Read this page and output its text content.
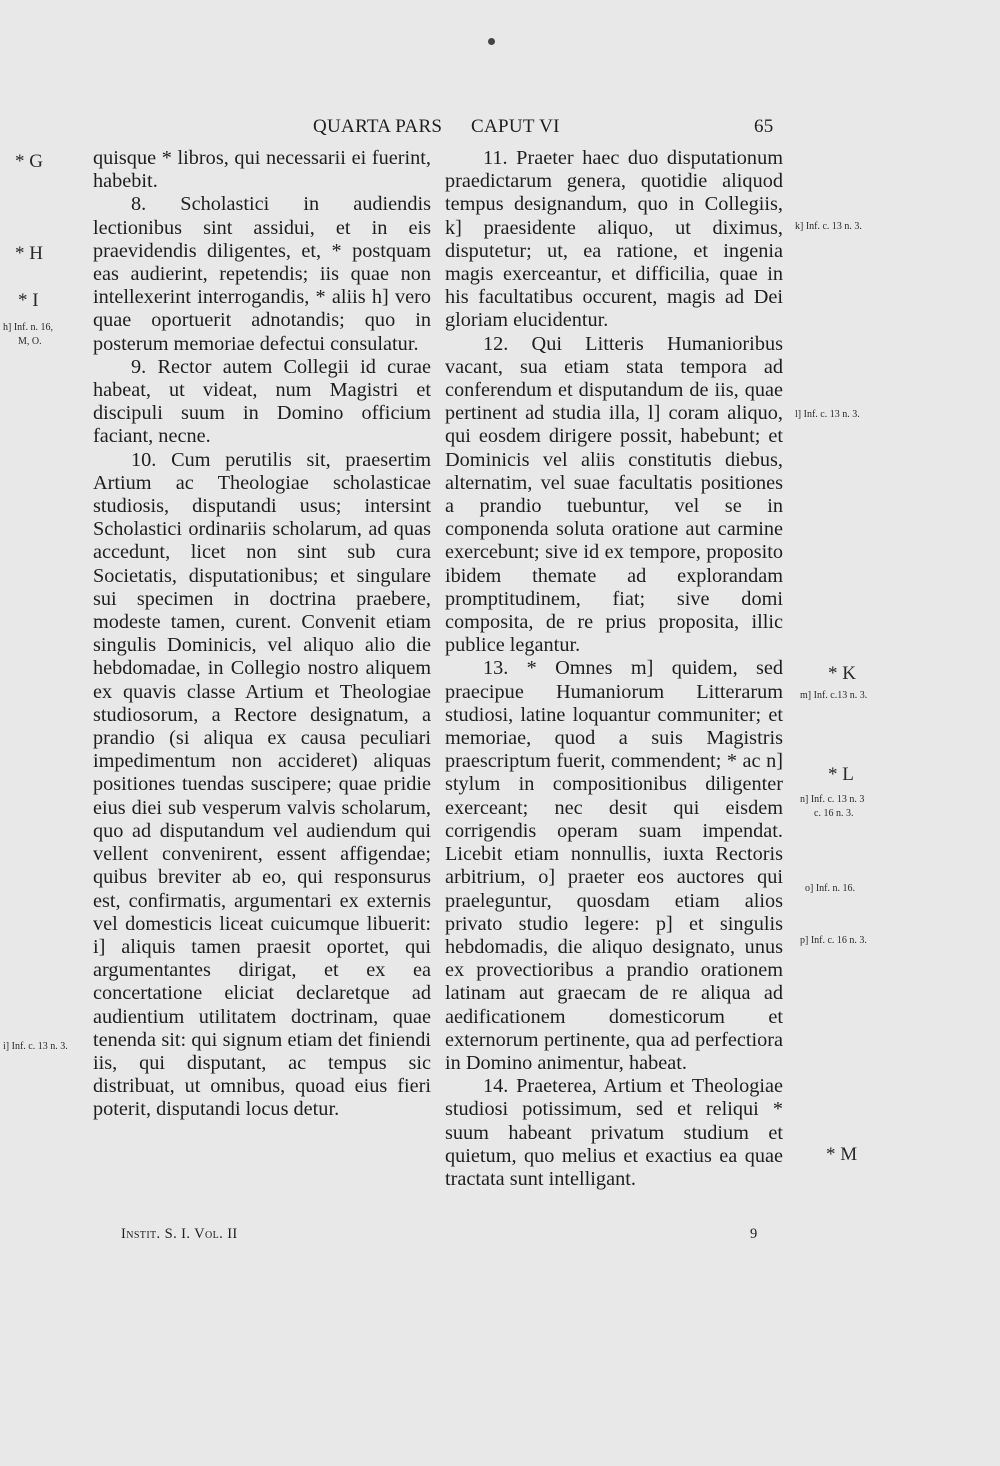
QUARTA PARS CAPUT VI	65
* G
* H
* I
h] Inf. n. 16,
M, O.
i] Inf. c. 13 n. 3.

quisque * libros, qui necessarii ei fuerint, habebit.

8. Scholastici in audiendis lectionibus sint assidui, et in eis praevidendis diligentes, et, * postquam eas audierint, repetendis; iis quae non intellexerint interrogandis, * aliis h] vero quae oportuerit adnotandis; quo in posterum memoriae defectui consulatur.

9. Rector autem Collegii id curae habeat, ut videat, num Magistri et discipuli suum in Domino officium faciant, necne.

10. Cum perutilis sit, praesertim Artium ac Theologiae scholasticae studiosis, disputandi usus; intersint Scholastici ordinariis scholarum, ad quas accedunt, licet non sint sub cura Societatis, disputationibus; et singulare sui specimen in doctrina praebere, modeste tamen, curent. Convenit etiam singulis Dominicis, vel aliquo alio die hebdomadae, in Collegio nostro aliquem ex quavis classe Artium et Theologiae studiosorum, a Rectore designatum, a prandio (si aliqua ex causa peculiari impedimentum non accideret) aliquas positiones tuendas suscipere; quae pridie eius diei sub vesperum valvis scholarum, quo ad disputandum vel audiendum qui vellent convenirent, essent affigendae; quibus breviter ab eo, qui responsurus est, confirmatis, argumentari ex externis vel domesticis liceat cuicumque libuerit: i] aliquis tamen praesit oportet, qui argumentantes dirigat, et ex ea concertatione eliciat declaretque ad audientium utilitatem doctrinam, quae tenenda sit: qui signum etiam det finiendi iis, qui disputant, ac tempus sic distribuat, ut omnibus, quoad eius fieri poterit, disputandi locus detur.

11. Praeter haec duo disputationum praedictarum genera, quotidie aliquod tempus designandum, quo in Collegiis, k] praesidente aliquo, ut diximus, disputetur; ut, ea ratione, et ingenia magis exerceantur, et difficilia, quae in his facultatibus occurent, magis ad Dei gloriam elucidentur.

12. Qui Litteris Humanioribus vacant, sua etiam stata tempora ad conferendum et disputandum de iis, quae pertinent ad studia illa, l] coram aliquo, qui eosdem dirigere possit, habebunt; et Dominicis vel aliis constitutis diebus, alternatim, vel suae facultatis positiones a prandio tuebuntur, vel se in componenda soluta oratione aut carmine exercebunt; sive id ex tempore, proposito ibidem themate ad explorandam promptitudinem, fiat; sive domi composita, de re prius proposita, illic publice legantur.

13. * Omnes m] quidem, sed praecipue Humaniorum Litterarum studiosi, latine loquantur communiter; et memoriae, quod a suis Magistris praescriptum fuerit, commendent; * ac n] stylum in compositionibus diligenter exerceant; nec desit qui eisdem corrigendis operam suam impendat. Licebit etiam nonnullis, iuxta Rectoris arbitrium, o] praeter eos auctores qui praeleguntur, quosdam etiam alios privato studio legere: p] et singulis hebdomadis, die aliquo designato, unus ex provectioribus a prandio orationem latinam aut graecam de re aliqua ad aedificationem domesticorum et externorum pertinente, qua ad perfectiora in Domino animentur, habeat.

14. Praeterea, Artium et Theologiae studiosi potissimum, sed et reliqui * suum habeant privatum studium et quietum, quo melius et exactius ea quae tractata sunt intelligant.

k] Inf. c. 13 n. 3.
l] Inf. c. 13 n. 3.
* K
m] Inf. c.13 n. 3.
* L
n] Inf. c. 13 n. 3
c. 16 n. 3.
o] Inf. n. 16.
p] Inf. c. 16 n. 3.
* M
Instit. S. I. Vol. II	9
